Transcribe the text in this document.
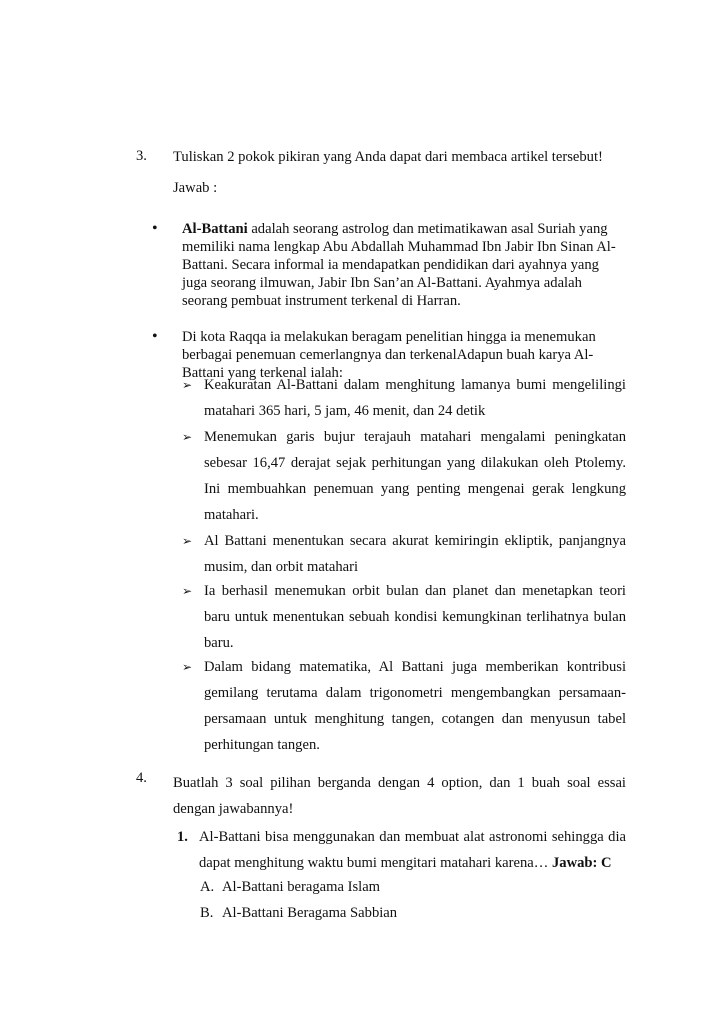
3. Tuliskan 2 pokok pikiran yang Anda dapat dari membaca artikel tersebut!
Jawab :
• Al-Battani adalah seorang astrolog dan metimatikawan asal Suriah yang memiliki nama lengkap Abu Abdallah Muhammad Ibn Jabir Ibn Sinan Al-Battani. Secara informal ia mendapatkan pendidikan dari ayahnya yang juga seorang ilmuwan, Jabir Ibn San’an Al-Battani. Ayahmya adalah seorang pembuat instrument terkenal di Harran.
• Di kota Raqqa ia melakukan beragam penelitian hingga ia menemukan berbagai penemuan cemerlangnya dan terkenalAdapun buah karya Al-Battani yang terkenal ialah:
➢ Keakuratan Al-Battani dalam menghitung lamanya bumi mengelilingi matahari 365 hari, 5 jam, 46 menit, dan 24 detik
➢ Menemukan garis bujur terajauh matahari mengalami peningkatan sebesar 16,47 derajat sejak perhitungan yang dilakukan oleh Ptolemy. Ini membuahkan penemuan yang penting mengenai gerak lengkung matahari.
➢ Al Battani menentukan secara akurat kemiringin ekliptik, panjangnya musim, dan orbit matahari
➢ Ia berhasil menemukan orbit bulan dan planet dan menetapkan teori baru untuk menentukan sebuah kondisi kemungkinan terlihatnya bulan baru.
➢ Dalam bidang matematika, Al Battani juga memberikan kontribusi gemilang terutama dalam trigonometri mengembangkan persamaan-persamaan untuk menghitung tangen, cotangen dan menyusun tabel perhitungan tangen.
4. Buatlah 3 soal pilihan berganda dengan 4 option, dan 1 buah soal essai dengan jawabannya!
1. Al-Battani bisa menggunakan dan membuat alat astronomi sehingga dia dapat menghitung waktu bumi mengitari matahari karena… Jawab: C
A. Al-Battani beragama Islam
B. Al-Battani Beragama Sabbian
